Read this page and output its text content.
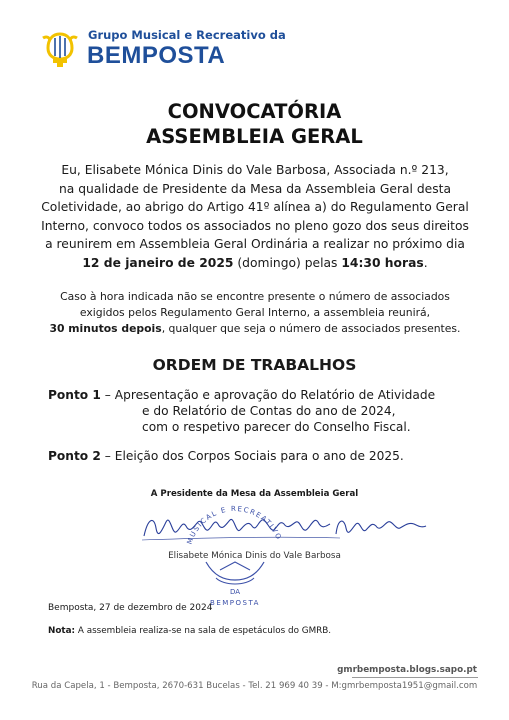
Grupo Musical e Recreativo da
BEMPOSTA
CONVOCATÓRIA
ASSEMBLEIA GERAL
Eu, Elisabete Mónica Dinis do Vale Barbosa, Associada n.º 213,
na qualidade de Presidente da Mesa da Assembleia Geral desta
Coletividade, ao abrigo do Artigo 41º alínea a) do Regulamento Geral
Interno, convoco todos os associados no pleno gozo dos seus direitos
a reunirem em Assembleia Geral Ordinária a realizar no próximo dia
12 de janeiro de 2025 (domingo) pelas 14:30 horas.
Caso à hora indicada não se encontre presente o número de associados
exigidos pelos Regulamento Geral Interno, a assembleia reunirá,
30 minutos depois, qualquer que seja o número de associados presentes.
ORDEM DE TRABALHOS
Ponto 1 – Apresentação e aprovação do Relatório de Atividade
e do Relatório de Contas do ano de 2024,
com o respetivo parecer do Conselho Fiscal.
Ponto 2 – Eleição dos Corpos Sociais para o ano de 2025.
A Presidente da Mesa da Assembleia Geral
MUSICAL E RECREATIVO
DA
BEMPOSTA
Elisabete Mónica Dinis do Vale Barbosa
Bemposta, 27 de dezembro de 2024
Nota: A assembleia realiza-se na sala de espetáculos do GMRB.
gmrbemposta.blogs.sapo.pt
Rua da Capela, 1 - Bemposta, 2670-631 Bucelas - Tel. 21 969 40 39 - M:gmrbemposta1951@gmail.com
